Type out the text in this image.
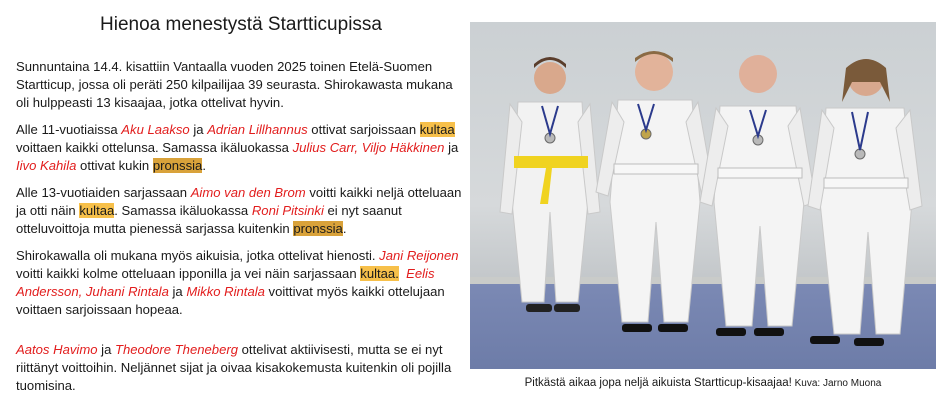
Hienoa menestystä Startticupissa

Sunnuntaina 14.4. kisattiin Vantaalla vuoden 2025 toinen Etelä-Suomen Startticup, jossa oli peräti 250 kilpailijaa 39 seurasta. Shirokawasta mukana oli hulppeasti 13 kisaajaa, jotka ottelivat hyvin.

Alle 11-vuotiaissa Aku Laakso ja Adrian Lillhannus ottivat sarjoissaan kultaa voittaen kaikki ottelunsa. Samassa ikäluokassa Julius Carr, Viljo Häkkinen ja Iivo Kahila ottivat kukin pronssia.

Alle 13-vuotiaiden sarjassaan Aimo van den Brom voitti kaikki neljä otteluaan ja otti näin kultaa. Samassa ikäluokassa Roni Pitsinki ei nyt saanut otteluvoittoja mutta pienessä sarjassa kuitenkin pronssia.

Shirokawalla oli mukana myös aikuisia, jotka ottelivat hienosti. Jani Reijonen voitti kaikki kolme otteluaan ipponilla ja vei näin sarjassaan kultaa. Eelis Andersson, Juhani Rintala ja Mikko Rintala voittivat myös kaikki ottelujaan voittaen sarjoissaan hopeaa.

Aatos Havimo ja Theodore Theneberg ottelivat aktiivisesti, mutta se ei nyt riittänyt voittoihin. Neljännet sijat ja oivaa kisakokemusta kuitenkin oli pojilla tuomisina.	Pitkästä aikaa jopa neljä aikuista Startticup-kisaajaa! Kuva: Jarno Muona
